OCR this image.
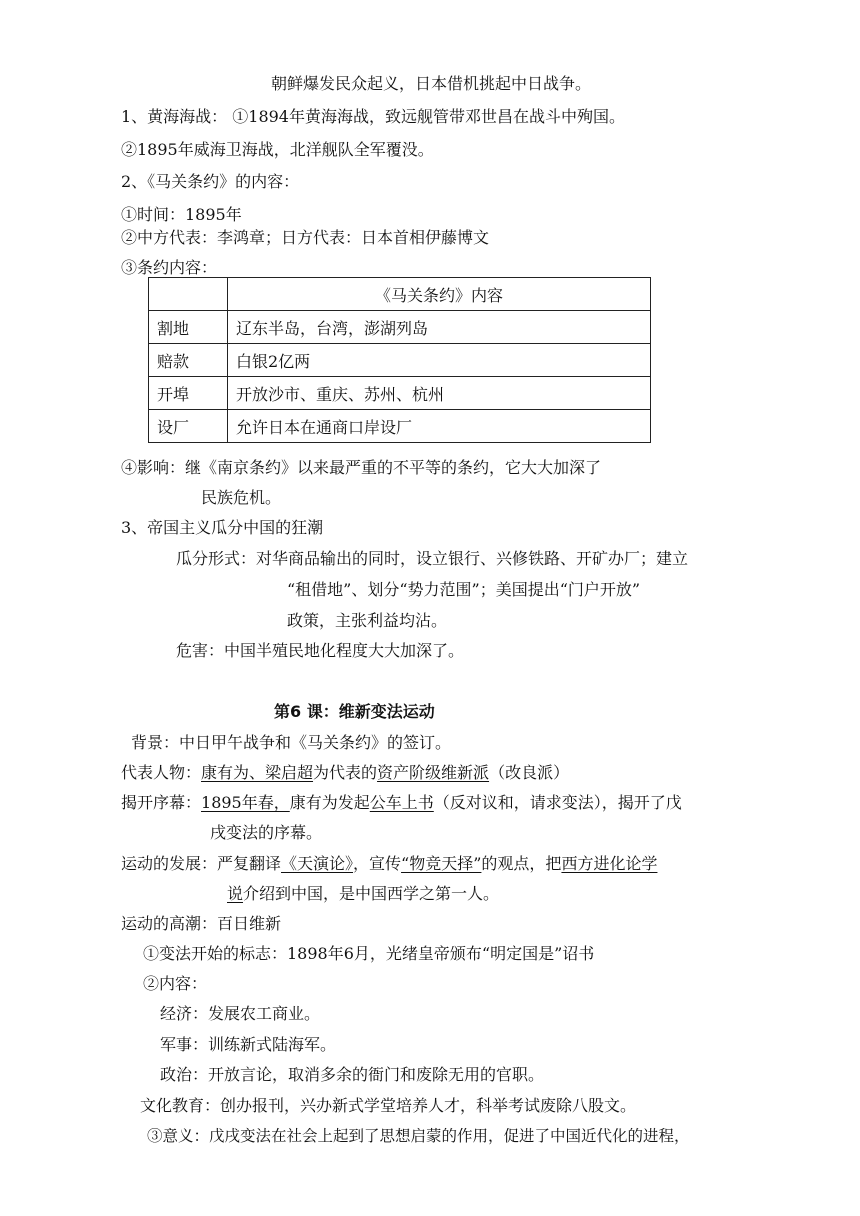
朝鲜爆发民众起义，日本借机挑起中日战争。
1、黄海海战： ①1894年黄海海战，致远舰管带邓世昌在战斗中殉国。
②1895年威海卫海战，北洋舰队全军覆没。
2、《马关条约》的内容：
①时间：1895年
②中方代表：李鸿章；日方代表：日本首相伊藤博文
③条约内容：
	《马关条约》内容
割地	辽东半岛，台湾，澎湖列岛
赔款	白银2亿两
开埠	开放沙市、重庆、苏州、杭州
设厂	允许日本在通商口岸设厂
④影响：继《南京条约》以来最严重的不平等的条约，它大大加深了
民族危机。
3、帝国主义瓜分中国的狂潮
瓜分形式：对华商品输出的同时，设立银行、兴修铁路、开矿办厂；建立
“租借地”、划分“势力范围”；美国提出“门户开放”
政策，主张利益均沾。
危害：中国半殖民地化程度大大加深了。
第6 课：维新变法运动
背景：中日甲午战争和《马关条约》的签订。
代表人物：康有为、梁启超为代表的资产阶级维新派（改良派）
揭开序幕：1895年春，康有为发起公车上书（反对议和，请求变法），揭开了戊
戌变法的序幕。
运动的发展：严复翻译《天演论》，宣传“物竞天择”的观点，把西方进化论学
说介绍到中国，是中国西学之第一人。
运动的高潮：百日维新
①变法开始的标志：1898年6月，光绪皇帝颁布“明定国是”诏书
②内容：
经济：发展农工商业。
军事：训练新式陆海军。
政治：开放言论，取消多余的衙门和废除无用的官职。
文化教育：创办报刊，兴办新式学堂培养人才，科举考试废除八股文。
③意义：戊戌变法在社会上起到了思想启蒙的作用，促进了中国近代化的进程，
